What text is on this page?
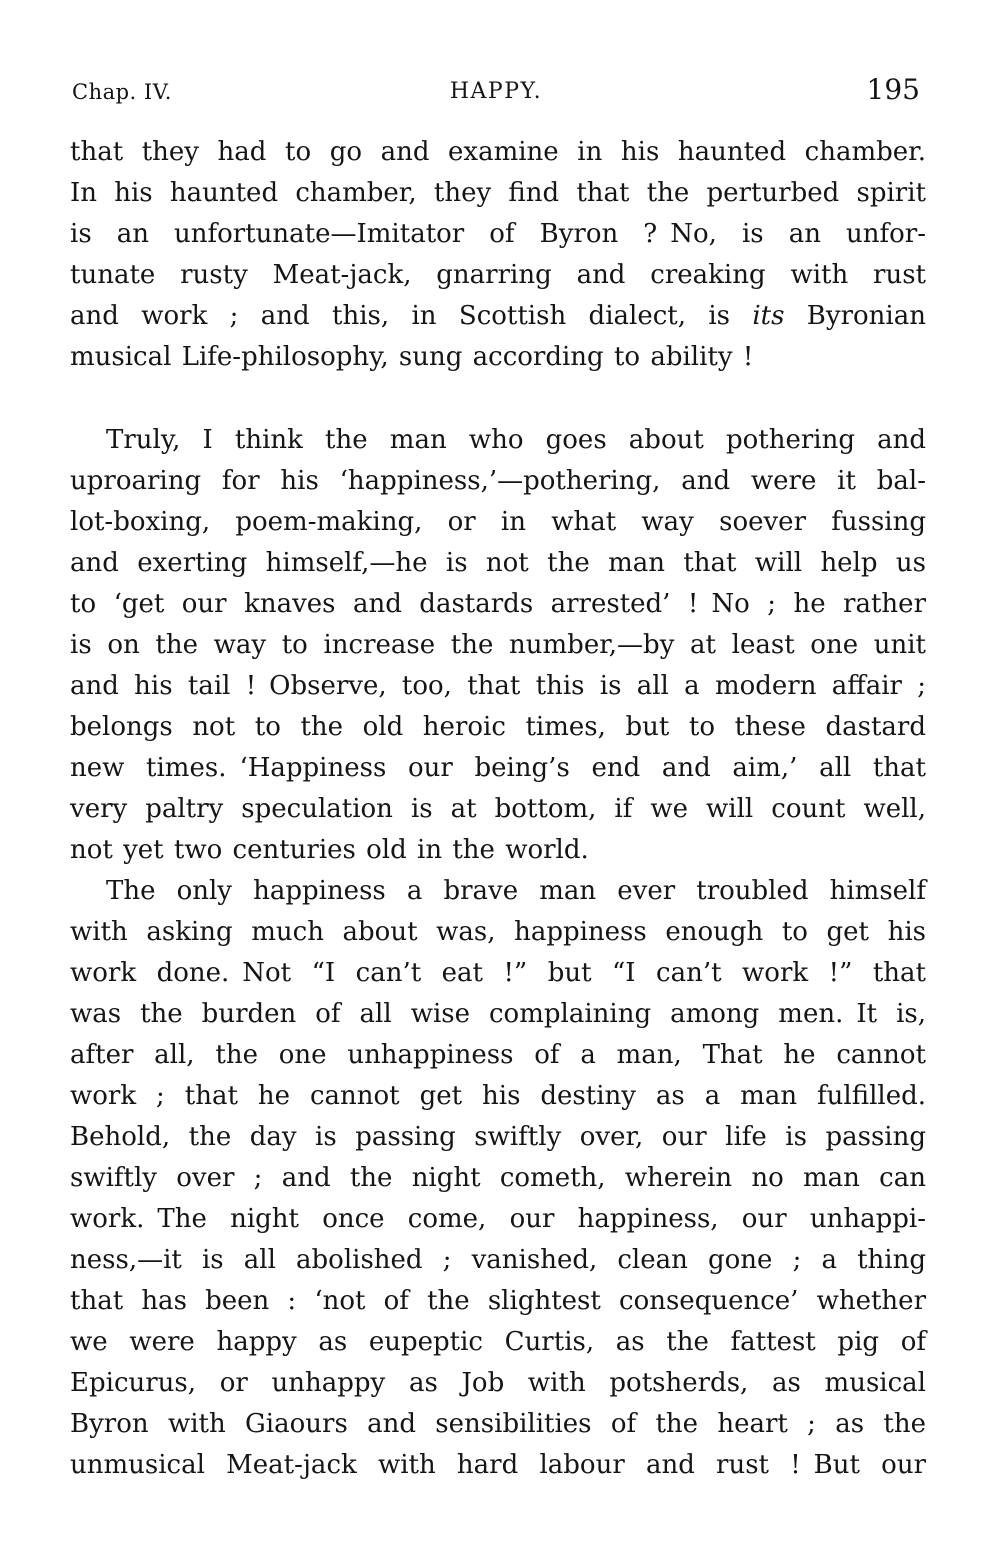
Chap. IV.	HAPPY.	195
that they had to go and examine in his haunted chamber.
In his haunted chamber, they find that the perturbed spirit
is an unfortunate—Imitator of Byron ? No, is an unfor-
tunate rusty Meat-jack, gnarring and creaking with rust
and work ; and this, in Scottish dialect, is its Byronian
musical Life-philosophy, sung according to ability !
Truly, I think the man who goes about pothering and
uproaring for his ‘happiness,’—pothering, and were it bal-
lot-boxing, poem-making, or in what way soever fussing
and exerting himself,—he is not the man that will help us
to ‘get our knaves and dastards arrested’ ! No ; he rather
is on the way to increase the number,—by at least one unit
and his tail ! Observe, too, that this is all a modern affair ;
belongs not to the old heroic times, but to these dastard
new times. ‘Happiness our being’s end and aim,’ all that
very paltry speculation is at bottom, if we will count well,
not yet two centuries old in the world.
The only happiness a brave man ever troubled himself
with asking much about was, happiness enough to get his
work done. Not “I can’t eat !” but “I can’t work !” that
was the burden of all wise complaining among men. It is,
after all, the one unhappiness of a man, That he cannot
work ; that he cannot get his destiny as a man fulfilled.
Behold, the day is passing swiftly over, our life is passing
swiftly over ; and the night cometh, wherein no man can
work. The night once come, our happiness, our unhappi-
ness,—it is all abolished ; vanished, clean gone ; a thing
that has been : ‘not of the slightest consequence’ whether
we were happy as eupeptic Curtis, as the fattest pig of
Epicurus, or unhappy as Job with potsherds, as musical
Byron with Giaours and sensibilities of the heart ; as the
unmusical Meat-jack with hard labour and rust ! But our
